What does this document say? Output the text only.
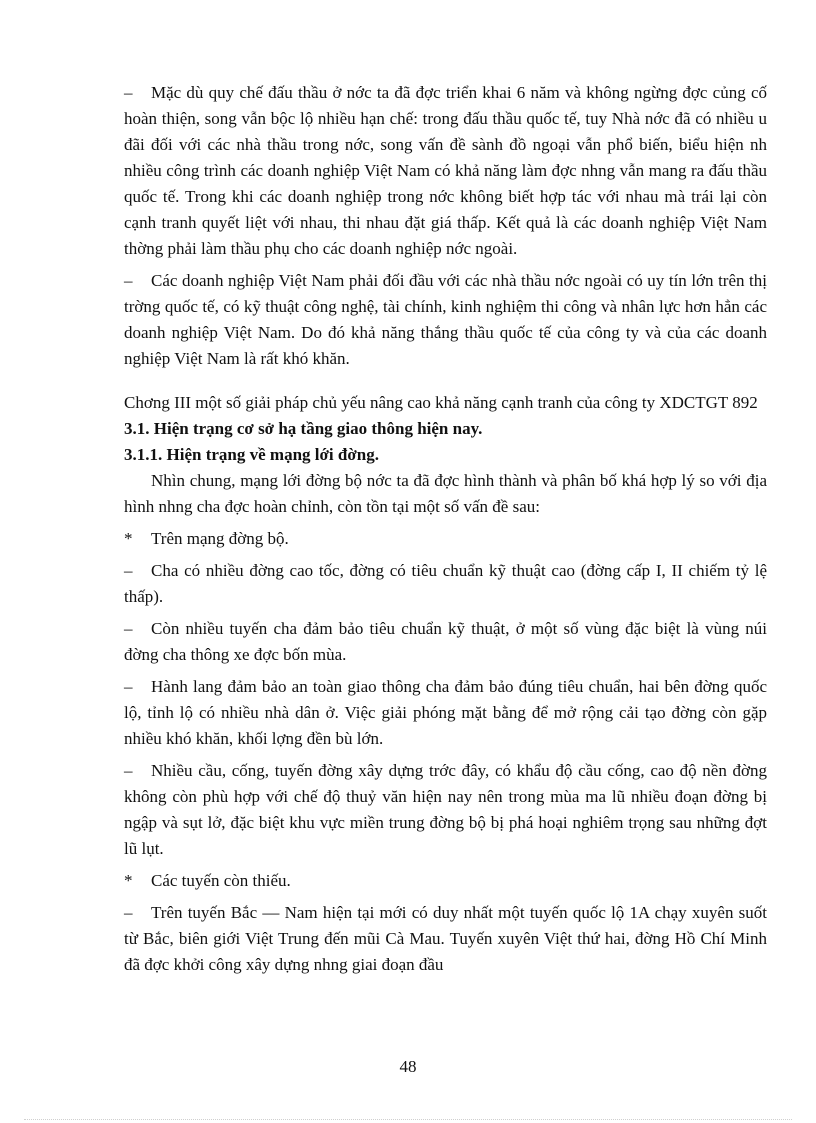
– Mặc dù quy chế đấu thầu ở nớc ta đã đợc triển khai 6 năm và không ngừng đợc củng cố hoàn thiện, song vẫn bộc lộ nhiều hạn chế: trong đấu thầu quốc tế, tuy Nhà nớc đã có nhiều u đãi đối với các nhà thầu trong nớc, song vấn đề sành đồ ngoại vẫn phổ biến, biểu hiện nh nhiều công trình các doanh nghiệp Việt Nam có khả năng làm đợc nhng vẫn mang ra đấu thầu quốc tế. Trong khi các doanh nghiệp trong nớc không biết hợp tác với nhau mà trái lại còn cạnh tranh quyết liệt với nhau, thi nhau đặt giá thấp. Kết quả là các doanh nghiệp Việt Nam thờng phải làm thầu phụ cho các doanh nghiệp nớc ngoài.

– Các doanh nghiệp Việt Nam phải đối đầu với các nhà thầu nớc ngoài có uy tín lớn trên thị trờng quốc tế, có kỹ thuật công nghệ, tài chính, kinh nghiệm thi công và nhân lực hơn hẳn các doanh nghiệp Việt Nam. Do đó khả năng thắng thầu quốc tế của công ty và của các doanh nghiệp Việt Nam là rất khó khăn.

Chơng III một số giải pháp chủ yếu nâng cao khả năng cạnh tranh của công ty XDCTGT 892

3.1. Hiện trạng cơ sở hạ tầng giao thông hiện nay.

3.1.1. Hiện trạng về mạng lới đờng.

Nhìn chung, mạng lới đờng bộ nớc ta đã đợc hình thành và phân bố khá hợp lý so với địa hình nhng cha đợc hoàn chỉnh, còn tồn tại một số vấn đề sau:

* Trên mạng đờng bộ.

– Cha có nhiều đờng cao tốc, đờng có tiêu chuẩn kỹ thuật cao (đờng cấp I, II chiếm tỷ lệ thấp).

– Còn nhiều tuyến cha đảm bảo tiêu chuẩn kỹ thuật, ở một số vùng đặc biệt là vùng núi đờng cha thông xe đợc bốn mùa.

– Hành lang đảm bảo an toàn giao thông cha đảm bảo đúng tiêu chuẩn, hai bên đờng quốc lộ, tỉnh lộ có nhiều nhà dân ở. Việc giải phóng mặt bằng để mở rộng cải tạo đờng còn gặp nhiều khó khăn, khối lợng đền bù lớn.

– Nhiều cầu, cống, tuyến đờng xây dựng trớc đây, có khẩu độ cầu cống, cao độ nền đờng không còn phù hợp với chế độ thuỷ văn hiện nay nên trong mùa ma lũ nhiều đoạn đờng bị ngập và sụt lở, đặc biệt khu vực miền trung đờng bộ bị phá hoại nghiêm trọng sau những đợt lũ lụt.

* Các tuyến còn thiếu.

– Trên tuyến Bắc — Nam hiện tại mới có duy nhất một tuyến quốc lộ 1A chạy xuyên suốt từ Bắc, biên giới Việt Trung đến mũi Cà Mau. Tuyến xuyên Việt thứ hai, đờng Hồ Chí Minh đã đợc khởi công xây dựng nhng giai đoạn đầu

48
